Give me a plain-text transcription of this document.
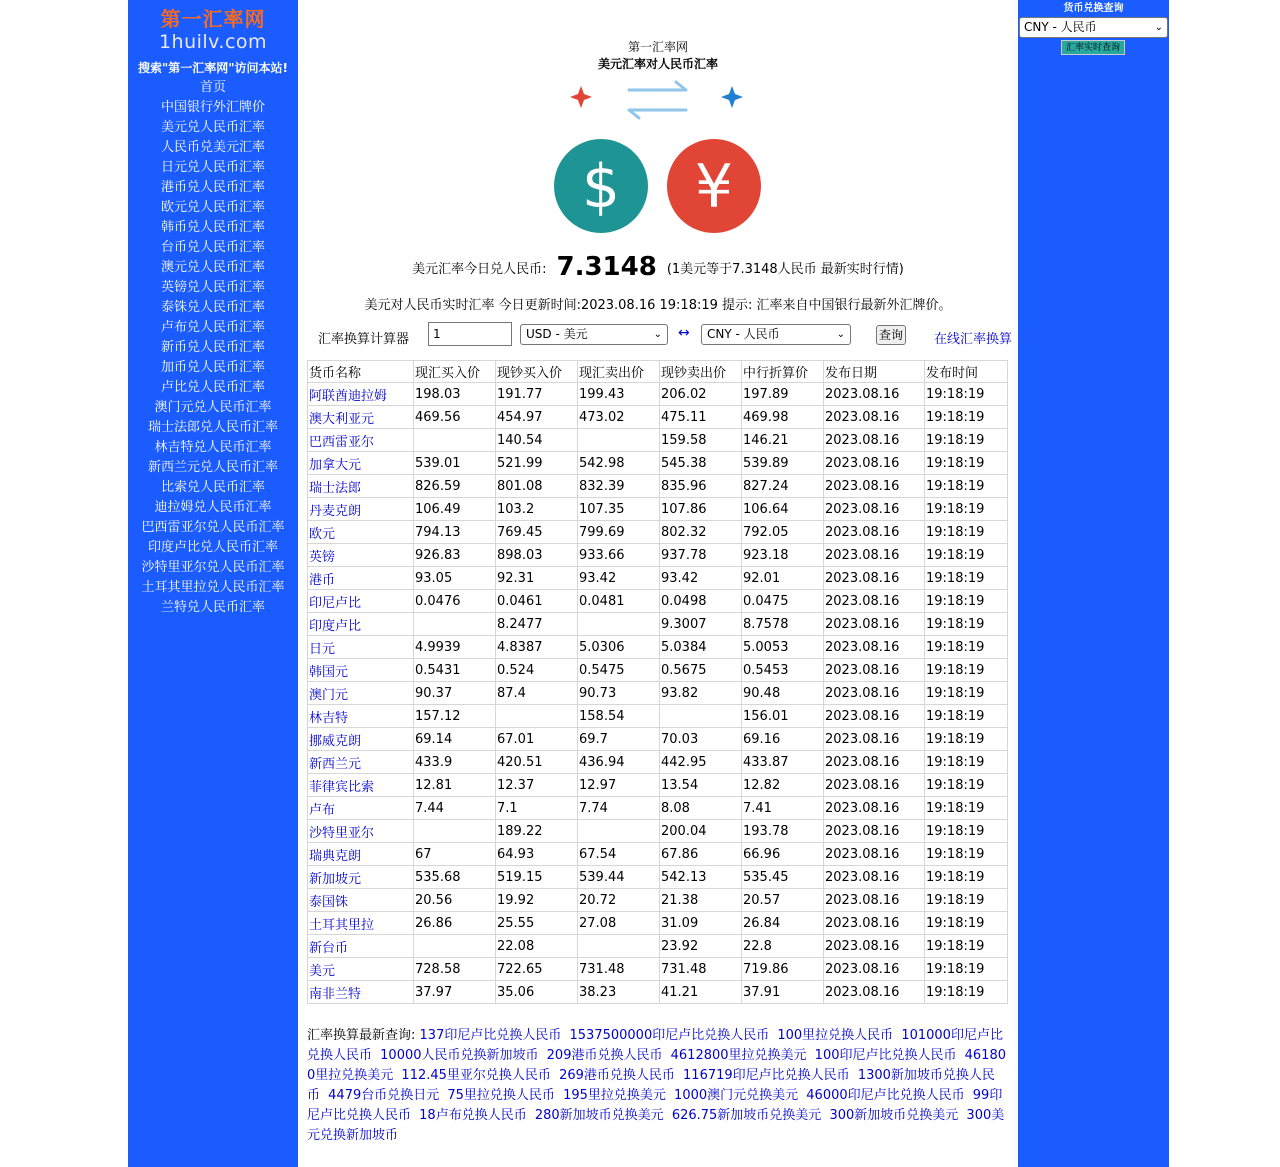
第一汇率网
1huilv.com
搜索"第一汇率网"访问本站!
首页
中国银行外汇牌价
美元兑人民币汇率
人民币兑美元汇率
日元兑人民币汇率
港币兑人民币汇率
欧元兑人民币汇率
韩币兑人民币汇率
台币兑人民币汇率
澳元兑人民币汇率
英镑兑人民币汇率
泰铢兑人民币汇率
卢布兑人民币汇率
新币兑人民币汇率
加币兑人民币汇率
卢比兑人民币汇率
澳门元兑人民币汇率
瑞士法郎兑人民币汇率
林吉特兑人民币汇率
新西兰元兑人民币汇率
比索兑人民币汇率
迪拉姆兑人民币汇率
巴西雷亚尔兑人民币汇率
印度卢比兑人民币汇率
沙特里亚尔兑人民币汇率
土耳其里拉兑人民币汇率
兰特兑人民币汇率
第一汇率网
美元汇率对人民币汇率
$ ¥
美元汇率今日兑人民币: 7.3148 (1美元等于7.3148人民币 最新实时行情)
美元对人民币实时汇率 今日更新时间:2023.08.16 19:18:19 提示: 汇率来自中国银行最新外汇牌价。
汇率换算计算器	1	USD - 美元	⌄ ↔	CNY - 人民币	⌄	查询 在线汇率换算
货币名称	现汇买入价	现钞买入价	现汇卖出价	现钞卖出价	中行折算价	发布日期	发布时间
阿联酋迪拉姆	198.03	191.77	199.43	206.02	197.89	2023.08.16	19:18:19
澳大利亚元	469.56	454.97	473.02	475.11	469.98	2023.08.16	19:18:19
巴西雷亚尔		140.54		159.58	146.21	2023.08.16	19:18:19
加拿大元	539.01	521.99	542.98	545.38	539.89	2023.08.16	19:18:19
瑞士法郎	826.59	801.08	832.39	835.96	827.24	2023.08.16	19:18:19
丹麦克朗	106.49	103.2	107.35	107.86	106.64	2023.08.16	19:18:19
欧元	794.13	769.45	799.69	802.32	792.05	2023.08.16	19:18:19
英镑	926.83	898.03	933.66	937.78	923.18	2023.08.16	19:18:19
港币	93.05	92.31	93.42	93.42	92.01	2023.08.16	19:18:19
印尼卢比	0.0476	0.0461	0.0481	0.0498	0.0475	2023.08.16	19:18:19
印度卢比		8.2477		9.3007	8.7578	2023.08.16	19:18:19
日元	4.9939	4.8387	5.0306	5.0384	5.0053	2023.08.16	19:18:19
韩国元	0.5431	0.524	0.5475	0.5675	0.5453	2023.08.16	19:18:19
澳门元	90.37	87.4	90.73	93.82	90.48	2023.08.16	19:18:19
林吉特	157.12		158.54		156.01	2023.08.16	19:18:19
挪威克朗	69.14	67.01	69.7	70.03	69.16	2023.08.16	19:18:19
新西兰元	433.9	420.51	436.94	442.95	433.87	2023.08.16	19:18:19
菲律宾比索	12.81	12.37	12.97	13.54	12.82	2023.08.16	19:18:19
卢布	7.44	7.1	7.74	8.08	7.41	2023.08.16	19:18:19
沙特里亚尔		189.22		200.04	193.78	2023.08.16	19:18:19
瑞典克朗	67	64.93	67.54	67.86	66.96	2023.08.16	19:18:19
新加坡元	535.68	519.15	539.44	542.13	535.45	2023.08.16	19:18:19
泰国铢	20.56	19.92	20.72	21.38	20.57	2023.08.16	19:18:19
土耳其里拉	26.86	25.55	27.08	31.09	26.84	2023.08.16	19:18:19
新台币		22.08		23.92	22.8	2023.08.16	19:18:19
美元	728.58	722.65	731.48	731.48	719.86	2023.08.16	19:18:19
南非兰特	37.97	35.06	38.23	41.21	37.91	2023.08.16	19:18:19
汇率换算最新查询: 137印尼卢比兑换人民币 1537500000印尼卢比兑换人民币 100里拉兑换人民币 101000印尼卢比兑换人民币 10000人民币兑换新加坡币 209港币兑换人民币 4612800里拉兑换美元 100印尼卢比兑换人民币 461800里拉兑换美元 112.45里亚尔兑换人民币 269港币兑换人民币 116719印尼卢比兑换人民币 1300新加坡币兑换人民币 4479台币兑换日元 75里拉兑换人民币 195里拉兑换美元 1000澳门元兑换美元 46000印尼卢比兑换人民币 99印尼卢比兑换人民币 18卢布兑换人民币 280新加坡币兑换美元 626.75新加坡币兑换美元 300新加坡币兑换美元 300美元兑换新加坡币
货币兑换查询
CNY - 人民币	⌄
汇率实时查询
